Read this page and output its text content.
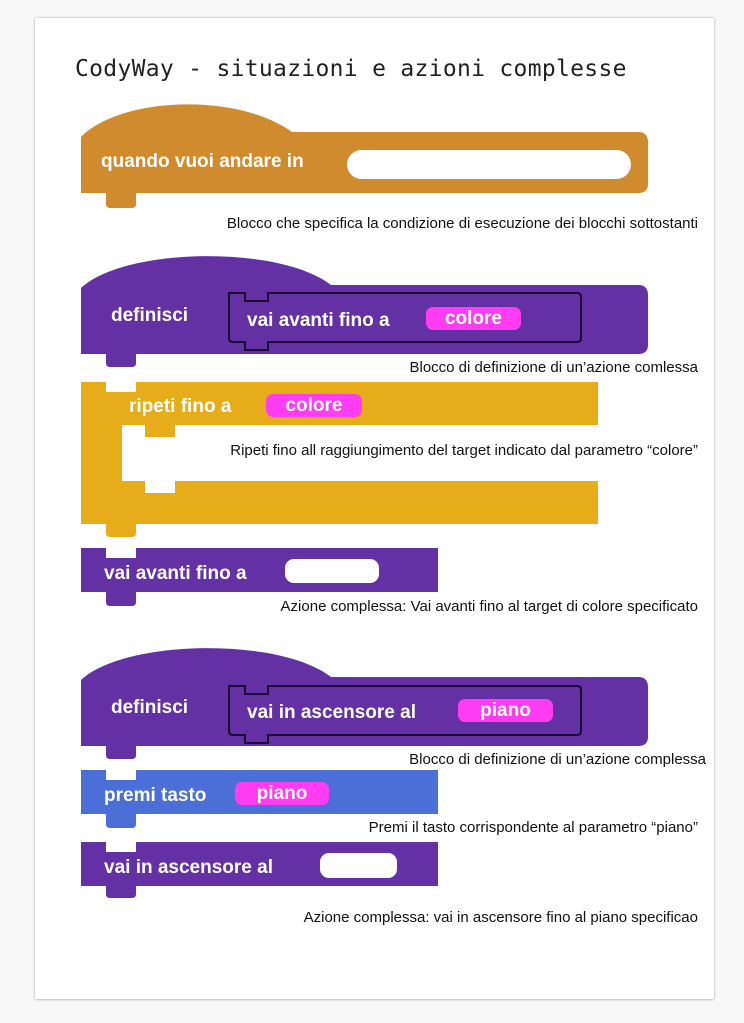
CodyWay - situazioni e azioni complesse
quando vuoi andare in
Blocco che specifica la condizione di esecuzione dei blocchi sottostanti
definisci	vai avanti fino a	colore
Blocco di definizione di un’azione comlessa
ripeti fino a	colore
Ripeti fino all raggiungimento del target indicato dal parametro “colore”
vai avanti fino a
Azione complessa: Vai avanti fino al target di colore specificato
definisci	vai in ascensore al	piano
Blocco di definizione di un’azione complessa
premi tasto	piano
Premi il tasto corrispondente al parametro “piano”
vai in ascensore al
Azione complessa: vai in ascensore fino al piano specificao
